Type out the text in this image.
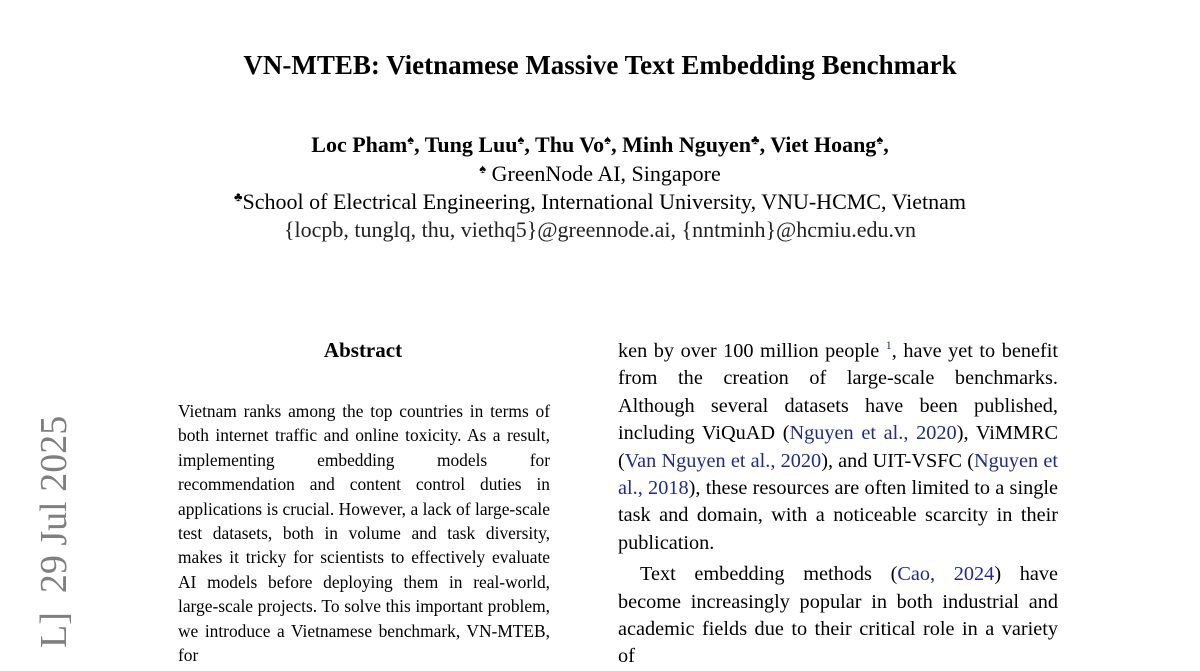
VN-MTEB: Vietnamese Massive Text Embedding Benchmark
Loc Pham♠, Tung Luu♠, Thu Vo♠, Minh Nguyen♣, Viet Hoang♠,
♠ GreenNode AI, Singapore
♣School of Electrical Engineering, International University, VNU-HCMC, Vietnam
{locpb, tunglq, thu, viethq5}@greennode.ai, {nntminh}@hcmiu.edu.vn
Abstract
Vietnam ranks among the top countries in terms of both internet traffic and online toxicity. As a result, implementing embedding models for recommendation and content control duties in applications is crucial. However, a lack of large-scale test datasets, both in volume and task diversity, makes it tricky for scientists to effectively evaluate AI models before deploying them in real-world, large-scale projects. To solve this important problem, we introduce a Vietnamese benchmark, VN-MTEB, for

ken by over 100 million people $^1$, have yet to benefit from the creation of large-scale benchmarks. Although several datasets have been published, including ViQuAD (Nguyen et al., 2020), ViMMRC (Van Nguyen et al., 2020), and UIT-VSFC (Nguyen et al., 2018), these resources are often limited to a single task and domain, with a noticeable scarcity in their publication.

Text embedding methods (Cao, 2024) have become increasingly popular in both industrial and academic fields due to their critical role in a variety of

L]  29 Jul 2025
